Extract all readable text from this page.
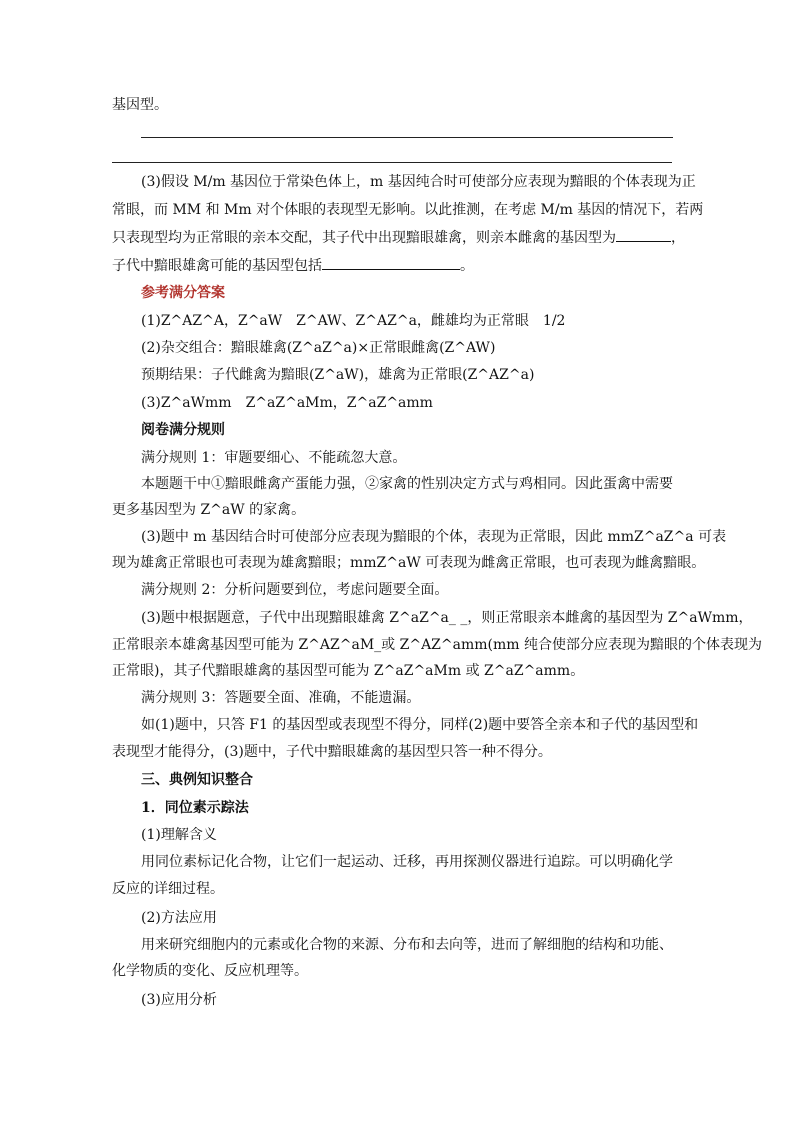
基因型。
(3)假设 M/m 基因位于常染色体上，m 基因纯合时可使部分应表现为黯眼的个体表现为正
常眼，而 MM 和 Mm 对个体眼的表现型无影响。以此推测，在考虑 M/m 基因的情况下，若两
只表现型均为正常眼的亲本交配，其子代中出现黯眼雄禽，则亲本雌禽的基因型为	，
子代中黯眼雄禽可能的基因型包括	。
参考满分答案
(1)Z^AZ^A，Z^aW　Z^AW、Z^AZ^a，雌雄均为正常眼　1/2
(2)杂交组合：黯眼雄禽(Z^aZ^a)×正常眼雌禽(Z^AW)
预期结果：子代雌禽为黯眼(Z^aW)，雄禽为正常眼(Z^AZ^a)
(3)Z^aWmm　Z^aZ^aMm，Z^aZ^amm
阅卷满分规则
满分规则 1：审题要细心、不能疏忽大意。
本题题干中①黯眼雌禽产蛋能力强，②家禽的性别决定方式与鸡相同。因此蛋禽中需要
更多基因型为 Z^aW 的家禽。
(3)题中 m 基因结合时可使部分应表现为黯眼的个体，表现为正常眼，因此 mmZ^aZ^a 可表
现为雄禽正常眼也可表现为雄禽黯眼；mmZ^aW 可表现为雌禽正常眼，也可表现为雌禽黯眼。
满分规则 2：分析问题要到位，考虑问题要全面。
(3)题中根据题意，子代中出现黯眼雄禽 Z^aZ^a_ _，则正常眼亲本雌禽的基因型为 Z^aWmm，
正常眼亲本雄禽基因型可能为 Z^AZ^aM_或 Z^AZ^amm(mm 纯合使部分应表现为黯眼的个体表现为
正常眼)，其子代黯眼雄禽的基因型可能为 Z^aZ^aMm 或 Z^aZ^amm。
满分规则 3：答题要全面、准确，不能遗漏。
如(1)题中，只答 F1 的基因型或表现型不得分，同样(2)题中要答全亲本和子代的基因型和
表现型才能得分，(3)题中，子代中黯眼雄禽的基因型只答一种不得分。
三、典例知识整合
1．同位素示踪法
(1)理解含义
用同位素标记化合物，让它们一起运动、迁移，再用探测仪器进行追踪。可以明确化学
反应的详细过程。
(2)方法应用
用来研究细胞内的元素或化合物的来源、分布和去向等，进而了解细胞的结构和功能、
化学物质的变化、反应机理等。
(3)应用分析
